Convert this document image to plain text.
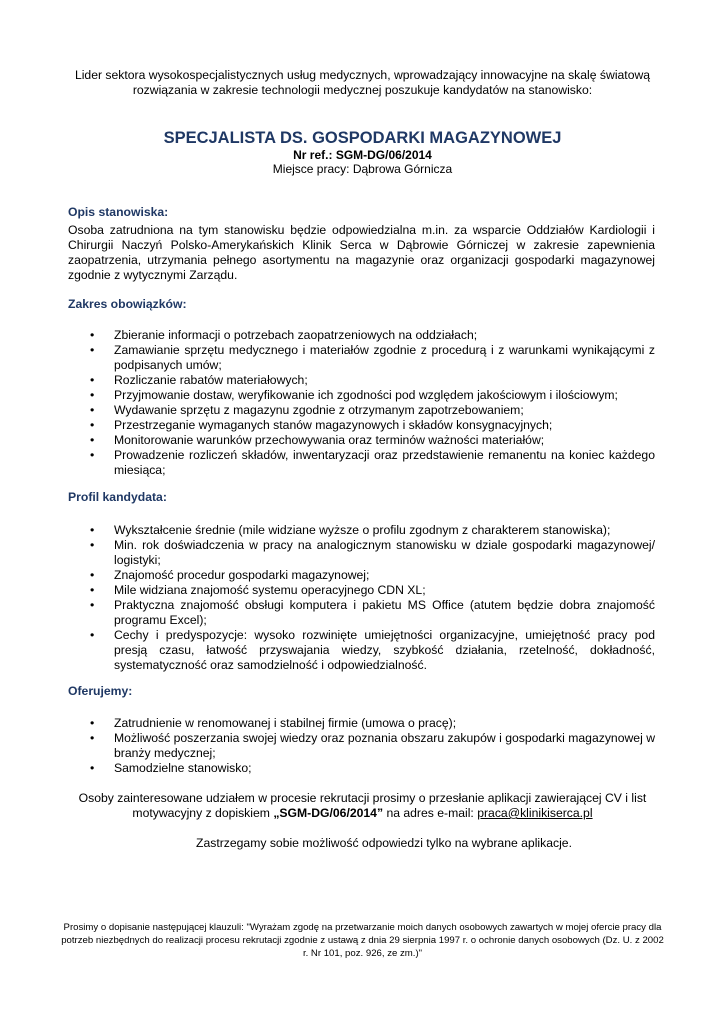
Lider sektora wysokospecjalistycznych usług medycznych, wprowadzający innowacyjne na skalę światową rozwiązania w zakresie technologii medycznej poszukuje kandydatów na stanowisko:
SPECJALISTA DS. GOSPODARKI MAGAZYNOWEJ
Nr ref.: SGM-DG/06/2014
Miejsce pracy: Dąbrowa Górnicza
Opis stanowiska:
Osoba zatrudniona na tym stanowisku będzie odpowiedzialna m.in. za wsparcie Oddziałów Kardiologii i Chirurgii Naczyń Polsko-Amerykańskich Klinik Serca w Dąbrowie Górniczej w zakresie zapewnienia zaopatrzenia, utrzymania pełnego asortymentu na magazynie oraz organizacji gospodarki magazynowej zgodnie z wytycznymi Zarządu.
Zakres obowiązków:
• Zbieranie informacji o potrzebach zaopatrzeniowych na oddziałach;
• Zamawianie sprzętu medycznego i materiałów zgodnie z procedurą i z warunkami wynikającymi z podpisanych umów;
• Rozliczanie rabatów materiałowych;
• Przyjmowanie dostaw, weryfikowanie ich zgodności pod względem jakościowym i ilościowym;
• Wydawanie sprzętu z magazynu zgodnie z otrzymanym zapotrzebowaniem;
• Przestrzeganie wymaganych stanów magazynowych i składów konsygnacyjnych;
• Monitorowanie warunków przechowywania oraz terminów ważności materiałów;
• Prowadzenie rozliczeń składów, inwentaryzacji oraz przedstawienie remanentu na koniec każdego miesiąca;
Profil kandydata:
• Wykształcenie średnie (mile widziane wyższe o profilu zgodnym z charakterem stanowiska);
• Min. rok doświadczenia w pracy na analogicznym stanowisku w dziale gospodarki magazynowej/ logistyki;
• Znajomość procedur gospodarki magazynowej;
• Mile widziana znajomość systemu operacyjnego CDN XL;
• Praktyczna znajomość obsługi komputera i pakietu MS Office (atutem będzie dobra znajomość programu Excel);
• Cechy i predyspozycje: wysoko rozwinięte umiejętności organizacyjne, umiejętność pracy pod presją czasu, łatwość przyswajania wiedzy, szybkość działania, rzetelność, dokładność, systematyczność oraz samodzielność i odpowiedzialność.
Oferujemy:
• Zatrudnienie w renomowanej i stabilnej firmie (umowa o pracę);
• Możliwość poszerzania swojej wiedzy oraz poznania obszaru zakupów i gospodarki magazynowej w branży medycznej;
• Samodzielne stanowisko;
Osoby zainteresowane udziałem w procesie rekrutacji prosimy o przesłanie aplikacji zawierającej CV i list motywacyjny z dopiskiem „SGM-DG/06/2014” na adres e-mail: praca@klinikiserca.pl
Zastrzegamy sobie możliwość odpowiedzi tylko na wybrane aplikacje.
Prosimy o dopisanie następującej klauzuli: "Wyrażam zgodę na przetwarzanie moich danych osobowych zawartych w mojej ofercie pracy dla potrzeb niezbędnych do realizacji procesu rekrutacji zgodnie z ustawą z dnia 29 sierpnia 1997 r. o ochronie danych osobowych (Dz. U. z 2002 r. Nr 101, poz. 926, ze zm.)"
